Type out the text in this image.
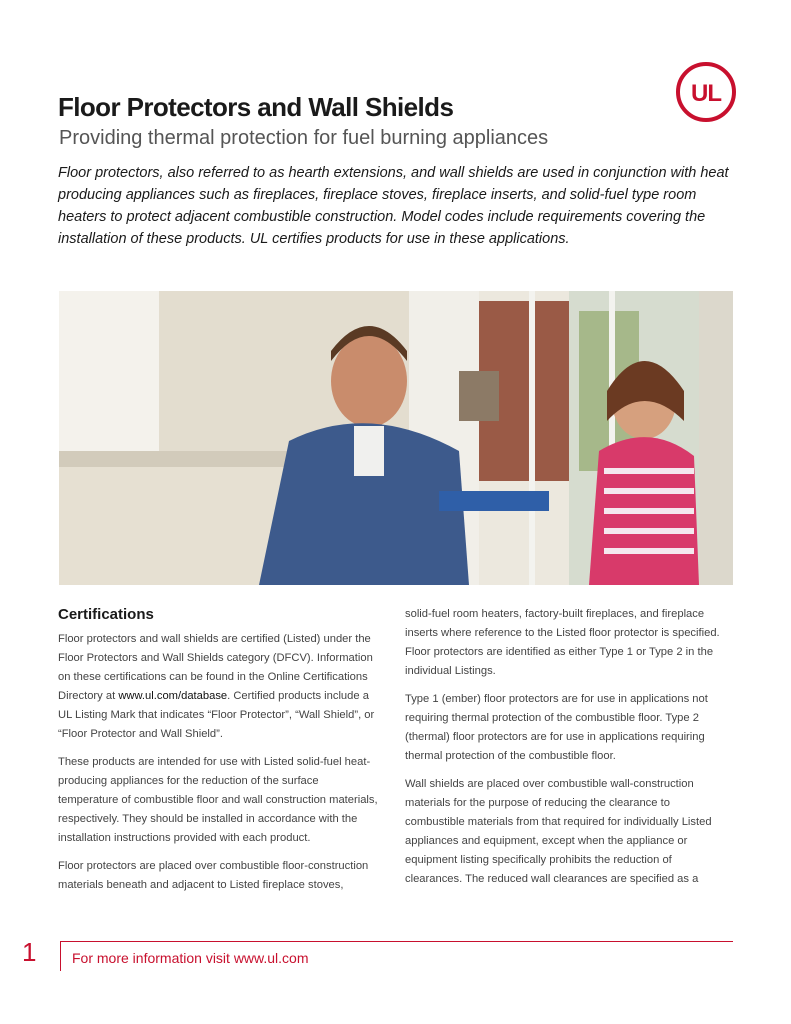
UL
Floor Protectors and Wall Shields

Providing thermal protection for fuel burning appliances

Floor protectors, also referred to as hearth extensions, and wall shields are used in conjunction with heat producing appliances such as fireplaces, fireplace stoves, fireplace inserts, and solid-fuel type room heaters to protect adjacent combustible construction. Model codes include requirements covering the installation of these products. UL certifies products for use in these applications.

Certifications

Floor protectors and wall shields are certified (Listed) under the Floor Protectors and Wall Shields category (DFCV). Information on these certifications can be found in the Online Certifications Directory at www.ul.com/database. Certified products include a UL Listing Mark that indicates “Floor Protector”, “Wall Shield”, or “Floor Protector and Wall Shield”.

These products are intended for use with Listed solid-fuel heat-producing appliances for the reduction of the surface temperature of combustible floor and wall construction materials, respectively. They should be installed in accordance with the installation instructions provided with each product.

Floor protectors are placed over combustible floor-construction materials beneath and adjacent to Listed fireplace stoves,

solid-fuel room heaters, factory-built fireplaces, and fireplace inserts where reference to the Listed floor protector is specified. Floor protectors are identified as either Type 1 or Type 2 in the individual Listings.

Type 1 (ember) floor protectors are for use in applications not requiring thermal protection of the combustible floor. Type 2 (thermal) floor protectors are for use in applications requiring thermal protection of the combustible floor.

Wall shields are placed over combustible wall-construction materials for the purpose of reducing the clearance to combustible materials from that required for individually Listed appliances and equipment, except when the appliance or equipment listing specifically prohibits the reduction of clearances. The reduced wall clearances are specified as a

1	For more information visit www.ul.com
